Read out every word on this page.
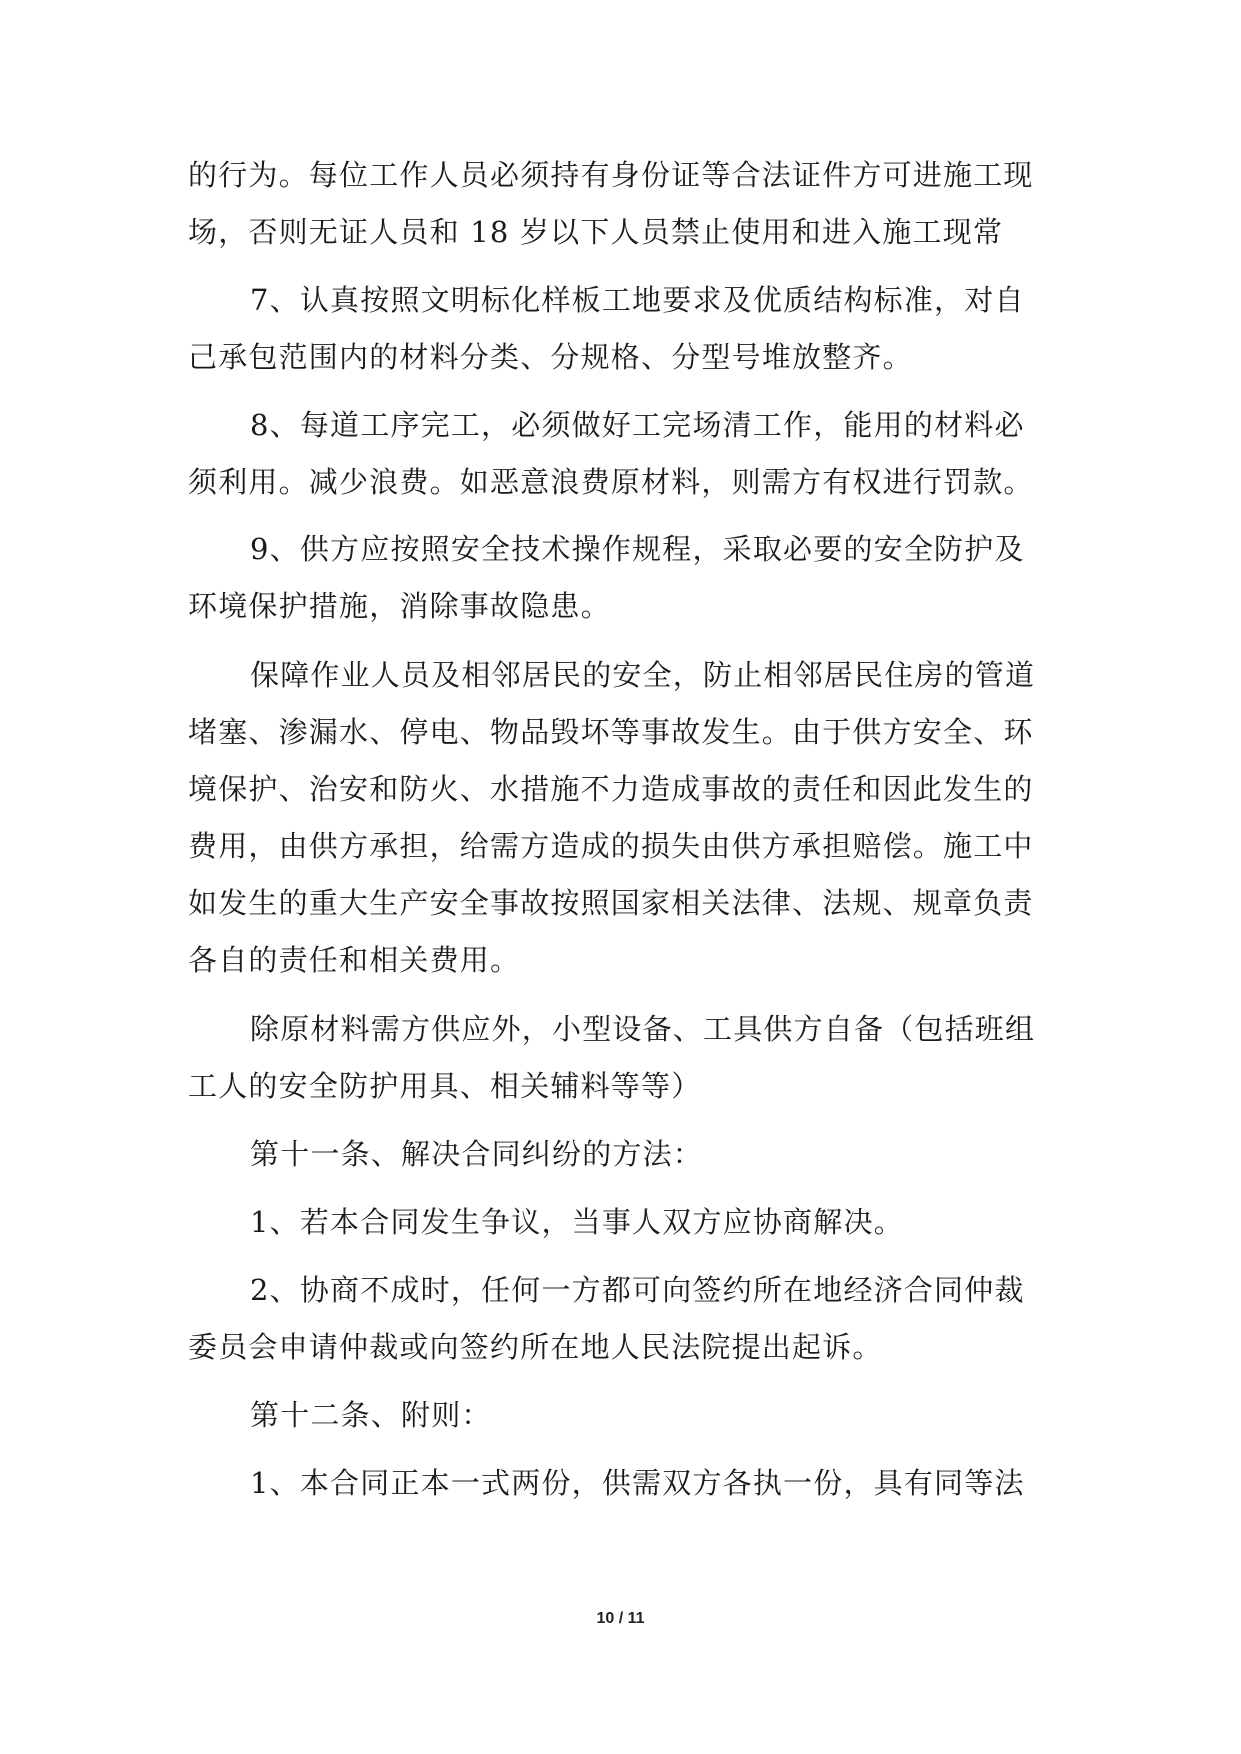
的行为。每位工作人员必须持有身份证等合法证件方可进施工现
场，否则无证人员和 18 岁以下人员禁止使用和进入施工现常
7、认真按照文明标化样板工地要求及优质结构标准，对自
己承包范围内的材料分类、分规格、分型号堆放整齐。
8、每道工序完工，必须做好工完场清工作，能用的材料必
须利用。减少浪费。如恶意浪费原材料，则需方有权进行罚款。
9、供方应按照安全技术操作规程，采取必要的安全防护及
环境保护措施，消除事故隐患。
保障作业人员及相邻居民的安全，防止相邻居民住房的管道
堵塞、渗漏水、停电、物品毁坏等事故发生。由于供方安全、环
境保护、治安和防火、水措施不力造成事故的责任和因此发生的
费用，由供方承担，给需方造成的损失由供方承担赔偿。施工中
如发生的重大生产安全事故按照国家相关法律、法规、规章负责
各自的责任和相关费用。
除原材料需方供应外，小型设备、工具供方自备（包括班组
工人的安全防护用具、相关辅料等等）
第十一条、解决合同纠纷的方法：
1、若本合同发生争议，当事人双方应协商解决。
2、协商不成时，任何一方都可向签约所在地经济合同仲裁
委员会申请仲裁或向签约所在地人民法院提出起诉。
第十二条、附则：
1、本合同正本一式两份，供需双方各执一份，具有同等法
10 / 11
